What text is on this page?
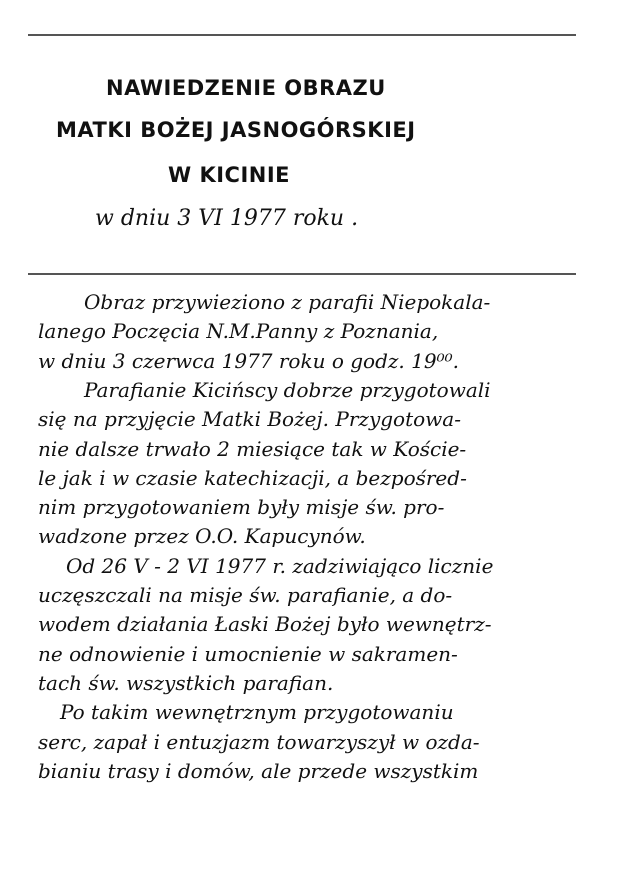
NAWIEDZENIE OBRAZU
MATKI BOŻEJ JASNOGÓRSKIEJ
W KICINIE
w dniu 3 VI 1977 roku .
Obraz przywieziono z parafii Niepokala-
lanego Poczęcia N.M.Panny z Poznania,
w dniu 3 czerwca 1977 roku o godz. 19⁰⁰.
Parafianie Kicińscy dobrze przygotowali
się na przyjęcie Matki Bożej. Przygotowa-
nie dalsze trwało 2 miesiące tak w Koście-
le jak i w czasie katechizacji, a bezpośred-
nim przygotowaniem były misje św. pro-
wadzone przez O.O. Kapucynów.
Od 26 V - 2 VI 1977 r. zadziwiająco licznie
uczęszczali na misje św. parafianie, a do-
wodem działania Łaski Bożej było wewnętrz-
ne odnowienie i umocnienie w sakramen-
tach św. wszystkich parafian.
Po takim wewnętrznym przygotowaniu
serc, zapał i entuzjazm towarzyszył w ozda-
bianiu trasy i domów, ale przede wszystkim
